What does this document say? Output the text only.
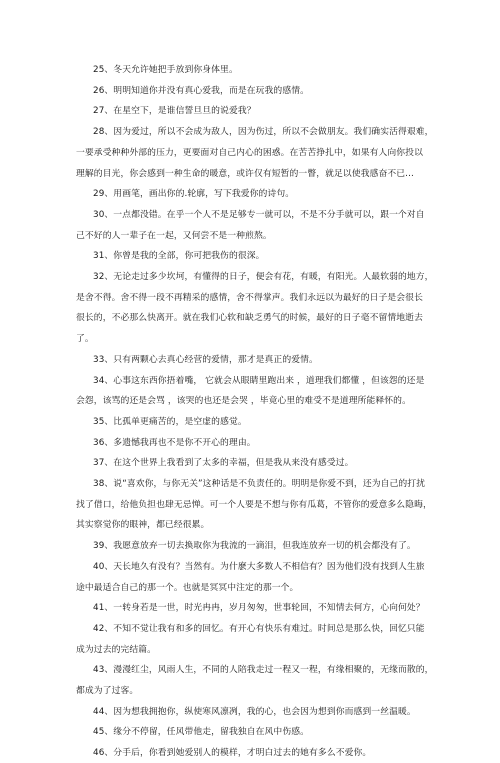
25、冬天允许她把手放到你身体里。
26、明明知道你并没有真心爱我，而是在玩我的感情。
27、在星空下，是谁信誓旦旦的说爱我？
28、因为爱过，所以不会成为敌人，因为伤过，所以不会做朋友。我们确实活得艰难，
一要承受种种外部的压力，更要面对自己内心的困惑。在苦苦挣扎中，如果有人向你投以
理解的目光，你会感到一种生命的暖意，或许仅有短暂的一瞥，就足以使我感奋不已...
29、用画笔，画出你的.轮廓，写下我爱你的诗句。
30、一点都没错。在乎一个人不是足够专一就可以，不是不分手就可以，跟一个对自
己不好的人一辈子在一起，又何尝不是一种煎熬。
31、你曾是我的全部，你可把我伤的很深。
32、无论走过多少坎坷，有懂得的日子，便会有花，有暖，有阳光。人最软弱的地方，
是舍不得。舍不得一段不再精采的感情，舍不得掌声。我们永远以为最好的日子是会很长
很长的，不必那么快离开。就在我们心软和缺乏勇气的时候，最好的日子毫不留情地逝去
了。
33、只有两颗心去真心经营的爱情，那才是真正的爱情。
34、心事这东西你捂着嘴， 它就会从眼睛里跑出来 ，道理我们都懂 ，但该怨的还是
会怨，该骂的还是会骂 ，该哭的也还是会哭 ，毕竟心里的难受不是道理所能释怀的。
35、比孤单更痛苦的，是空虚的感觉。
36、多遗憾我再也不是你不开心的理由。
37、在这个世界上我看到了太多的幸福，但是我从来没有感受过。
38、说“喜欢你，与你无关”这种话是不负责任的。明明是你爱不到，还为自己的打扰
找了借口，给他负担也肆无忌惮。可一个人要是不想与你有瓜葛，不管你的爱意多么隐晦，
其实察觉你的眼神，都已经很累。
39、我愿意放弃一切去换取你为我流的一滴泪，但我连放弃一切的机会都没有了。
40、天长地久有没有？当然有。为什麽大多数人不相信有？因为他们没有找到人生旅
途中最适合自己的那一个。也就是冥冥中注定的那一个。
41、一转身若是一世，时光冉冉，岁月匆匆，世事轮回，不知情去何方，心向何处？
42、不知不觉让我有和多的回忆。有开心有快乐有难过。时间总是那么快，回忆只能
成为过去的完结篇。
43、漫漫红尘，风雨人生，不同的人陪我走过一程又一程，有缘相聚的，无缘而散的，
都成为了过客。
44、因为想我拥抱你，纵使寒风凛冽，我的心，也会因为想到你而感到一丝温暖。
45、缘分不停留，任风带他走，留我独自在风中伤感。
46、分手后，你看到她爱别人的模样，才明白过去的她有多么不爱你。
